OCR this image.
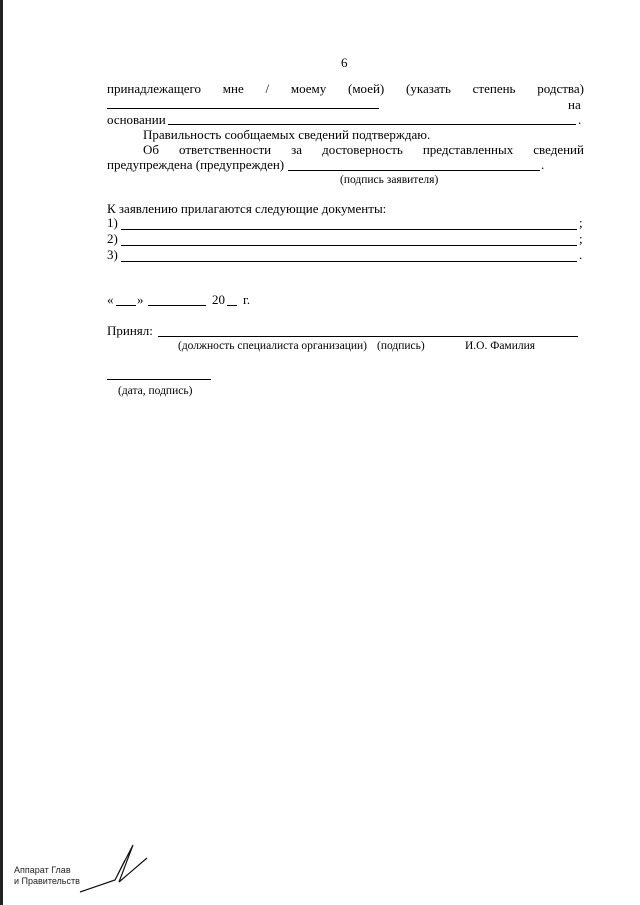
6
принадлежащего мне / моему (моей) (указать степень родства)
на
основании	.
Правильность сообщаемых сведений подтверждаю.
Об ответственности за достоверность представленных сведений
предупреждена (предупрежден)	.
(подпись заявителя)
К заявлению прилагаются следующие документы:
1)	;
2)	;
3)	.
« »	20 г.
Принял:
(должность специалиста организации) (подпись)	И.О. Фамилия
(дата, подпись)
Аппарат Глав
и Правительств
